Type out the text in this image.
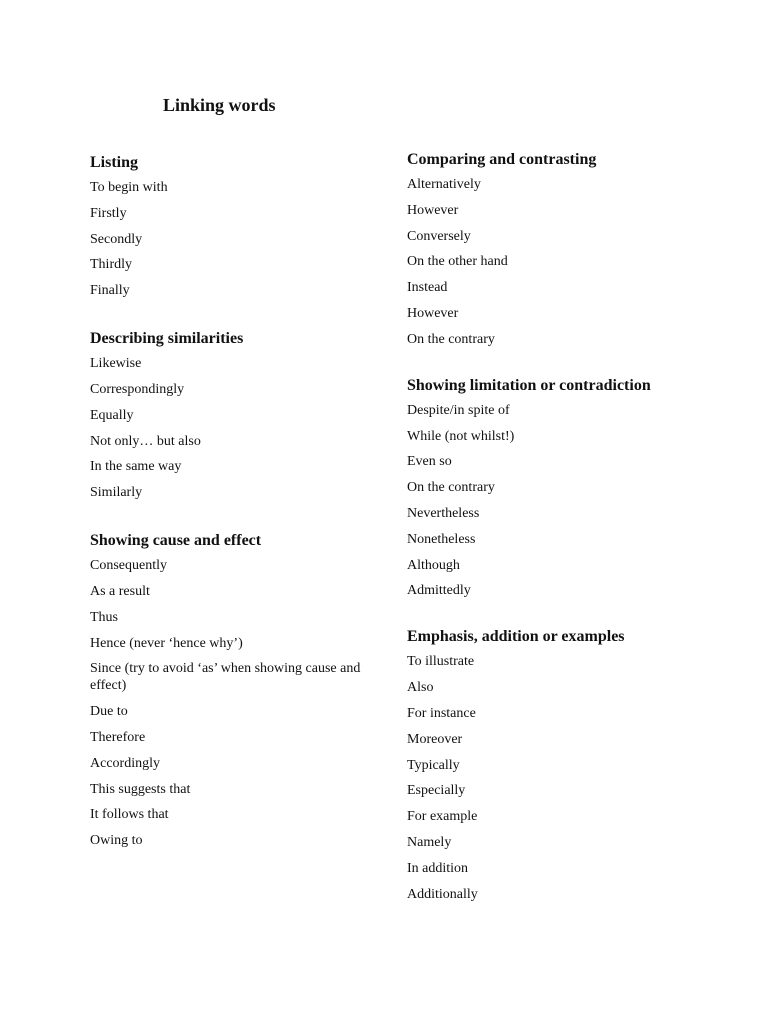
Linking words
Listing
To begin with
Firstly
Secondly
Thirdly
Finally
Describing similarities
Likewise
Correspondingly
Equally
Not only… but also
In the same way
Similarly
Showing cause and effect
Consequently
As a result
Thus
Hence (never ‘hence why’)
Since (try to avoid ‘as’ when showing cause and effect)
Due to
Therefore
Accordingly
This suggests that
It follows that
Owing to
Comparing and contrasting
Alternatively
However
Conversely
On the other hand
Instead
However
On the contrary
Showing limitation or contradiction
Despite/in spite of
While (not whilst!)
Even so
On the contrary
Nevertheless
Nonetheless
Although
Admittedly
Emphasis, addition or examples
To illustrate
Also
For instance
Moreover
Typically
Especially
For example
Namely
In addition
Additionally
